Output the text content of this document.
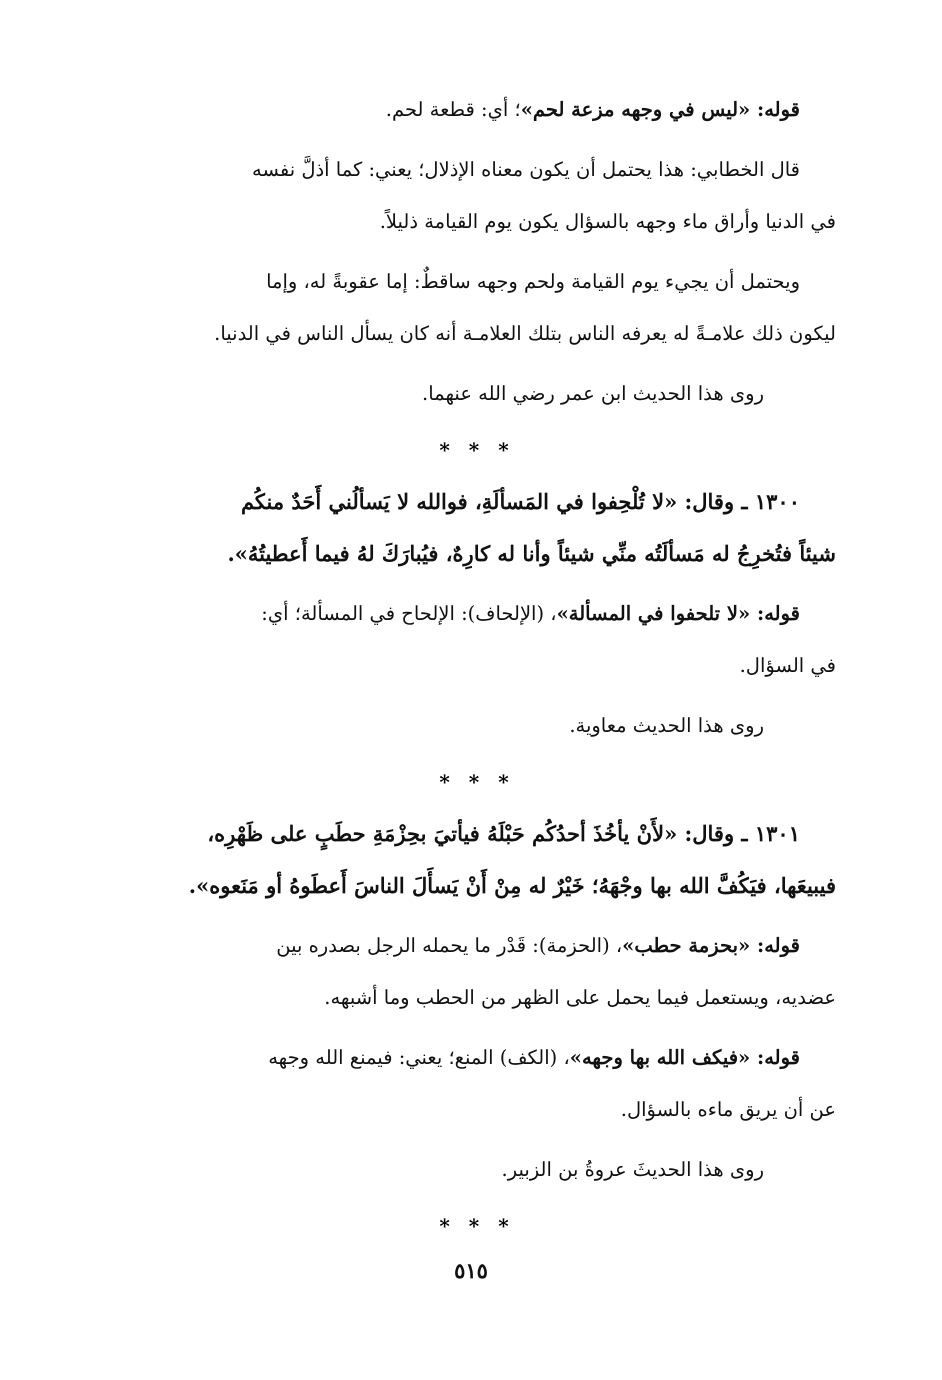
قوله: «ليس في وجهه مزعة لحم»؛ أي: قطعة لحم.
قال الخطابي: هذا يحتمل أن يكون معناه الإذلال؛ يعني: كما أذلَّ نفسه
في الدنيا وأراق ماء وجهه بالسؤال يكون يوم القيامة ذليلاً.
ويحتمل أن يجيء يوم القيامة ولحم وجهه ساقطٌ: إما عقوبةً له، وإما
ليكون ذلك علامـةً له يعرفه الناس بتلك العلامـة أنه كان يسأل الناس في الدنيا.
روى هذا الحديث ابن عمر رضي الله عنهما.
* * *
١٣٠٠ ـ وقال: «لا تُلْحِفوا في المَسألَةِ، فوالله لا يَسألُني أَحَدٌ منكُم
شيئاً فتُخرِجُ له مَسألَتُه منِّي شيئاً وأنا له كارِهٌ، فيُبارَكَ لهُ فيما أَعطيتُهُ».
قوله: «لا تلحفوا في المسألة»، (الإلحاف): الإلحاح في المسألة؛ أي:
في السؤال.
روى هذا الحديث معاوية.
* * *
١٣٠١ ـ وقال: «لأَنْ يأخُذَ أحدُكُم حَبْلَهُ فيأتيَ بحِزْمَةِ حطَبٍ على ظَهْرِه،
فيبيعَها، فيَكُفَّ الله بها وجْهَهُ؛ خَيْرٌ له مِنْ أَنْ يَسأَلَ الناسَ أَعطَوهُ أو مَنَعوه».
قوله: «بحزمة حطب»، (الحزمة): قَدْر ما يحمله الرجل بصدره بين
عضديه، ويستعمل فيما يحمل على الظهر من الحطب وما أشبهه.
قوله: «فيكف الله بها وجهه»، (الكف) المنع؛ يعني: فيمنع الله وجهه
عن أن يريق ماءه بالسؤال.
روى هذا الحديثَ عروةُ بن الزبير.
* * *
٥١٥
